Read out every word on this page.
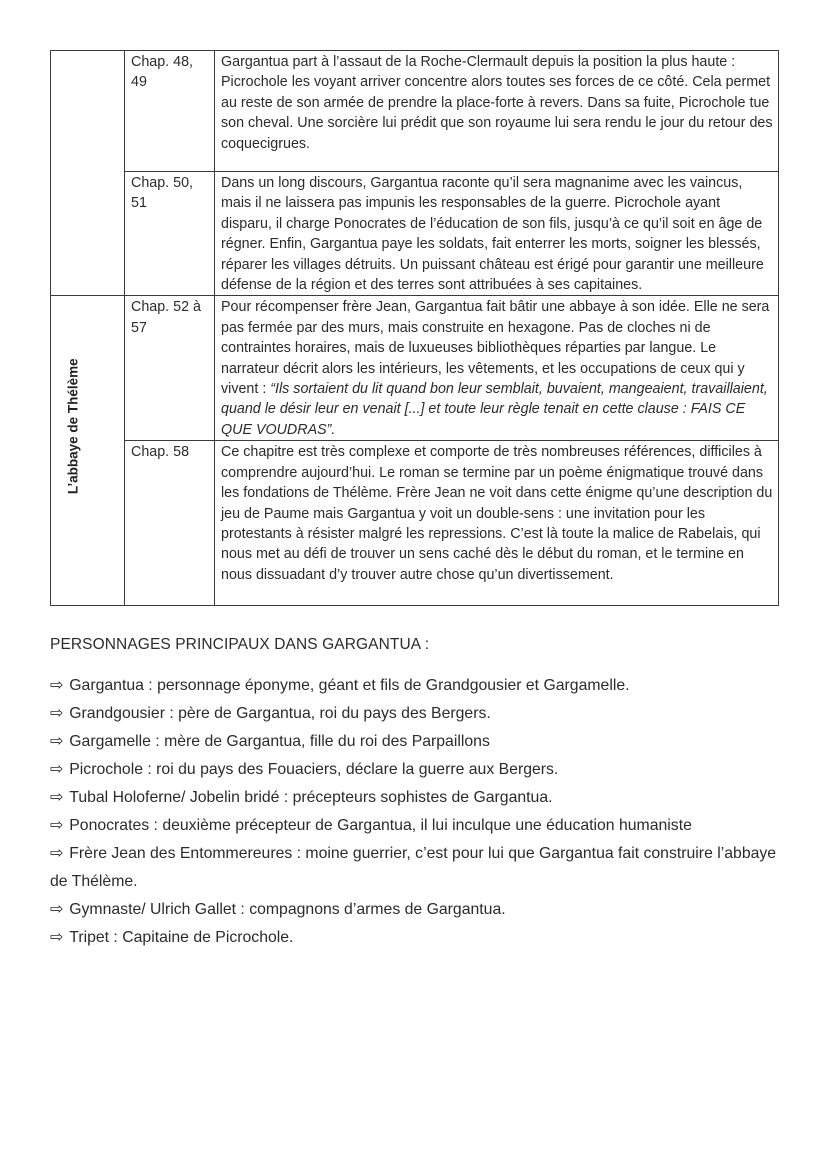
	Chap. 48, 49	Gargantua part à l’assaut de la Roche-Clermault depuis la position la plus haute : Picrochole les voyant arriver concentre alors toutes ses forces de ce côté. Cela permet au reste de son armée de prendre la place-forte à revers. Dans sa fuite, Picrochole tue son cheval. Une sorcière lui prédit que son royaume lui sera rendu le jour du retour des coquecigrues.
	Chap. 50, 51	Dans un long discours, Gargantua raconte qu’il sera magnanime avec les vaincus, mais il ne laissera pas impunis les responsables de la guerre. Picrochole ayant disparu, il charge Ponocrates de l’éducation de son fils, jusqu’à ce qu’il soit en âge de régner. Enfin, Gargantua paye les soldats, fait enterrer les morts, soigner les blessés, réparer les villages détruits. Un puissant château est érigé pour garantir une meilleure défense de la région et des terres sont attribuées à ses capitaines.

L’abbaye de Thélème	Chap. 52 à 57	Pour récompenser frère Jean, Gargantua fait bâtir une abbaye à son idée. Elle ne sera pas fermée par des murs, mais construite en hexagone. Pas de cloches ni de contraintes horaires, mais de luxueuses bibliothèques réparties par langue. Le narrateur décrit alors les intérieurs, les vêtements, et les occupations de ceux qui y vivent : “Ils sortaient du lit quand bon leur semblait, buvaient, mangeaient, travaillaient, quand le désir leur en venait [...] et toute leur règle tenait en cette clause : FAIS CE QUE VOUDRAS”.
	Chap. 58	Ce chapitre est très complexe et comporte de très nombreuses références, difficiles à comprendre aujourd’hui. Le roman se termine par un poème énigmatique trouvé dans les fondations de Thélème. Frère Jean ne voit dans cette énigme qu’une description du jeu de Paume mais Gargantua y voit un double-sens : une invitation pour les protestants à résister malgré les repressions. C’est là toute la malice de Rabelais, qui nous met au défi de trouver un sens caché dès le début du roman, et le termine en nous dissuadant d’y trouver autre chose qu’un divertissement.
PERSONNAGES PRINCIPAUX DANS GARGANTUA :
⇨ Gargantua : personnage éponyme, géant et fils de Grandgousier et Gargamelle.
⇨ Grandgousier : père de Gargantua, roi du pays des Bergers.
⇨ Gargamelle : mère de Gargantua, fille du roi des Parpaillons
⇨ Picrochole : roi du pays des Fouaciers, déclare la guerre aux Bergers.
⇨ Tubal Holoferne/ Jobelin bridé : précepteurs sophistes de Gargantua.
⇨ Ponocrates : deuxième précepteur de Gargantua, il lui inculque une éducation humaniste
⇨ Frère Jean des Entommereures : moine guerrier, c’est pour lui que Gargantua fait construire l’abbaye de Thélème.
⇨ Gymnaste/ Ulrich Gallet : compagnons d’armes de Gargantua.
⇨ Tripet : Capitaine de Picrochole.
